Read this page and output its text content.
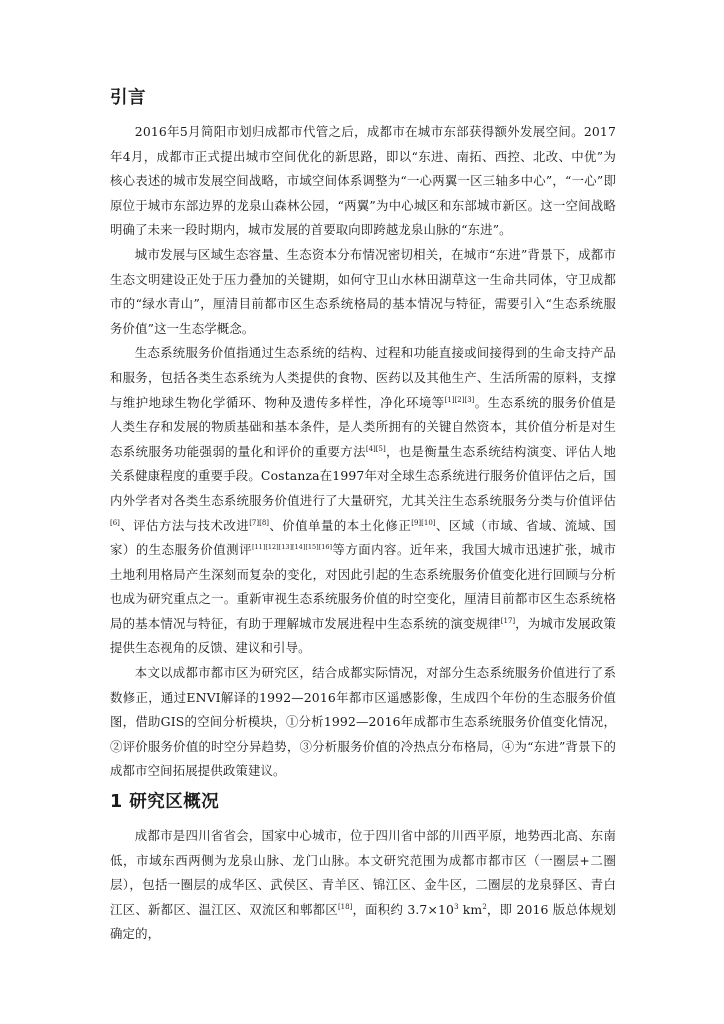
引言

2016年5月简阳市划归成都市代管之后，成都市在城市东部获得额外发展空间。2017年4月，成都市正式提出城市空间优化的新思路，即以“东进、南拓、西控、北改、中优”为核心表述的城市发展空间战略，市域空间体系调整为“一心两翼一区三轴多中心”，“一心”即原位于城市东部边界的龙泉山森林公园，“两翼”为中心城区和东部城市新区。这一空间战略明确了未来一段时期内，城市发展的首要取向即跨越龙泉山脉的“东进”。

城市发展与区域生态容量、生态资本分布情况密切相关，在城市“东进”背景下，成都市生态文明建设正处于压力叠加的关键期，如何守卫山水林田湖草这一生命共同体，守卫成都市的“绿水青山”，厘清目前都市区生态系统格局的基本情况与特征，需要引入“生态系统服务价值”这一生态学概念。

生态系统服务价值指通过生态系统的结构、过程和功能直接或间接得到的生命支持产品和服务，包括各类生态系统为人类提供的食物、医药以及其他生产、生活所需的原料，支撑与维护地球生物化学循环、物种及遗传多样性，净化环境等[1][2][3]。生态系统的服务价值是人类生存和发展的物质基础和基本条件，是人类所拥有的关键自然资本，其价值分析是对生态系统服务功能强弱的量化和评价的重要方法[4][5]，也是衡量生态系统结构演变、评估人地关系健康程度的重要手段。Costanza在1997年对全球生态系统进行服务价值评估之后，国内外学者对各类生态系统服务价值进行了大量研究，尤其关注生态系统服务分类与价值评估[6]、评估方法与技术改进[7][8]、价值单量的本土化修正[9][10]、区域（市域、省域、流域、国家）的生态服务价值测评[11][12][13][14][15][16]等方面内容。近年来，我国大城市迅速扩张，城市土地利用格局产生深刻而复杂的变化，对因此引起的生态系统服务价值变化进行回顾与分析也成为研究重点之一。重新审视生态系统服务价值的时空变化，厘清目前都市区生态系统格局的基本情况与特征，有助于理解城市发展进程中生态系统的演变规律[17]，为城市发展政策提供生态视角的反馈、建议和引导。

本文以成都市都市区为研究区，结合成都实际情况，对部分生态系统服务价值进行了系数修正，通过ENVI解译的1992—2016年都市区遥感影像，生成四个年份的生态服务价值图，借助GIS的空间分析模块，①分析1992—2016年成都市生态系统服务价值变化情况，②评价服务价值的时空分异趋势，③分析服务价值的冷热点分布格局，④为“东进”背景下的成都市空间拓展提供政策建议。

1 研究区概况

成都市是四川省省会，国家中心城市，位于四川省中部的川西平原，地势西北高、东南低，市域东西两侧为龙泉山脉、龙门山脉。本文研究范围为成都市都市区（一圈层+二圈层），包括一圈层的成华区、武侯区、青羊区、锦江区、金牛区，二圈层的龙泉驿区、青白江区、新都区、温江区、双流区和郫都区[18]，面积约 $3.7\times 10^3$ $km^2$，即 2016 版总体规划确定的，
